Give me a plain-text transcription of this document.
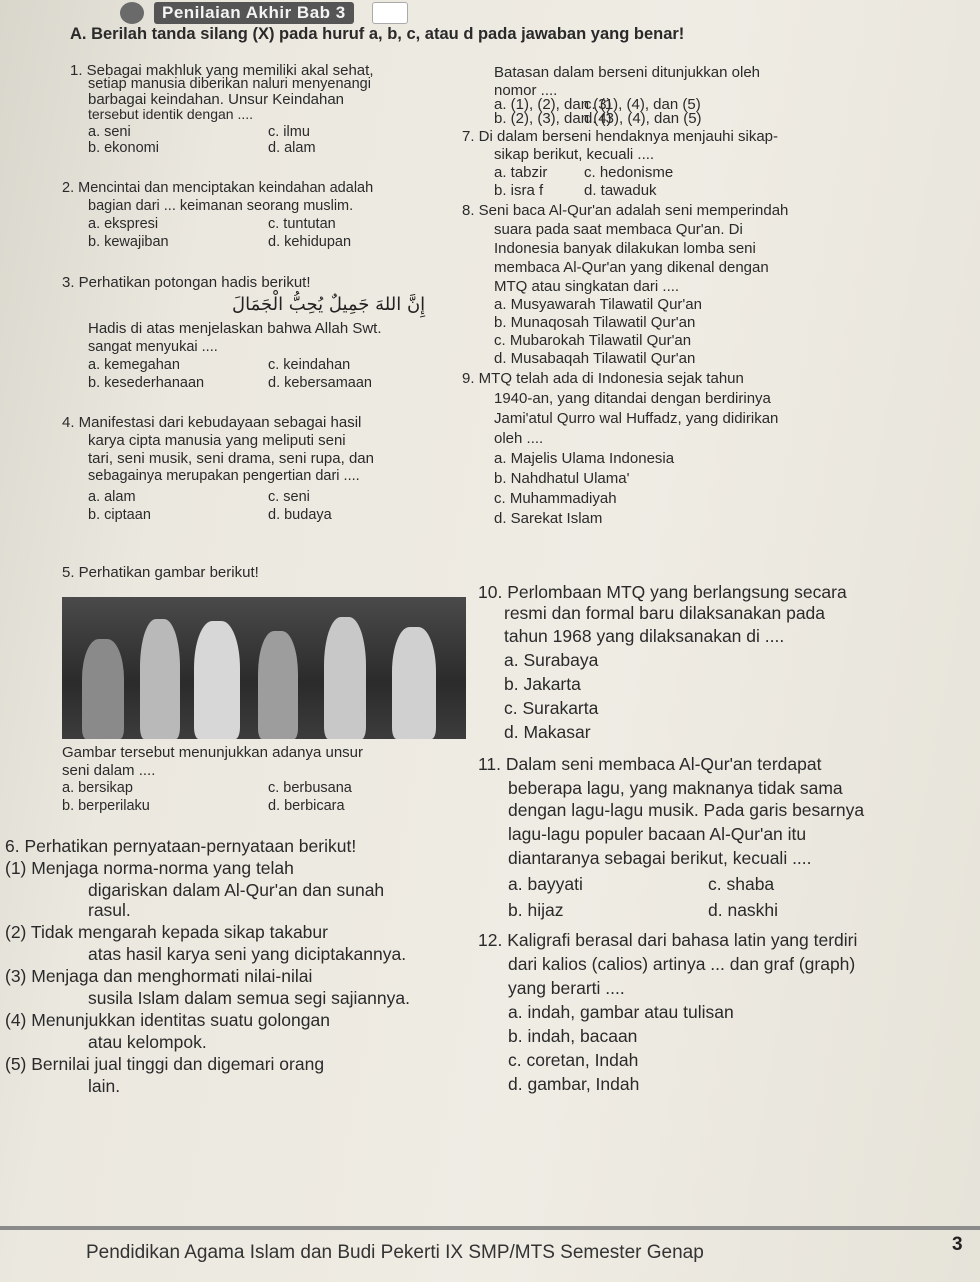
Penilaian Akhir Bab 3
A. Berilah tanda silang (X) pada huruf a, b, c, atau d pada jawaban yang benar!
1. Sebagai makhluk yang memiliki akal sehat,
setiap manusia diberikan naluri menyenangi
barbagai keindahan. Unsur Keindahan
tersebut identik dengan ....
a. seni	c. ilmu
b. ekonomi	d. alam
2. Mencintai dan menciptakan keindahan adalah
bagian dari ... keimanan seorang muslim.
a. ekspresi	c. tuntutan
b. kewajiban	d. kehidupan
3. Perhatikan potongan hadis berikut!
Hadis di atas menjelaskan bahwa Allah Swt.
sangat menyukai ....
a. kemegahan	c. keindahan
b. kesederhanaan	d. kebersamaan
4. Manifestasi dari kebudayaan sebagai hasil
karya cipta manusia yang meliputi seni
tari, seni musik, seni drama, seni rupa, dan
sebagainya merupakan pengertian dari ....
a. alam	c. seni
b. ciptaan	d. budaya
5. Perhatikan gambar berikut!
Gambar tersebut menunjukkan adanya unsur
seni dalam ....
a. bersikap	c. berbusana
b. berperilaku	d. berbicara
6. Perhatikan pernyataan-pernyataan berikut!
(1) Menjaga norma-norma yang telah
digariskan dalam Al-Qur'an dan sunah
rasul.
(2) Tidak mengarah kepada sikap takabur
atas hasil karya seni yang diciptakannya.
(3) Menjaga dan menghormati nilai-nilai
susila Islam dalam semua segi sajiannya.
(4) Menunjukkan identitas suatu golongan
atau kelompok.
(5) Bernilai jual tinggi dan digemari orang
lain.
إِنَّ اللهَ جَمِيلٌ يُحِبُّ الْجَمَالَ
Batasan dalam berseni ditunjukkan oleh
nomor ....
a. (1), (2), dan (3)
c. (1), (4), dan (5)
b. (2), (3), dan (4)
d. (3), (4), dan (5)
7. Di dalam berseni hendaknya menjauhi sikap-
sikap berikut, kecuali ....
a. tabzir c. hedonisme
b. isra f	d. tawaduk
8. Seni baca Al-Qur'an adalah seni memperindah
suara pada saat membaca Qur'an. Di
Indonesia banyak dilakukan lomba seni
membaca Al-Qur'an yang dikenal dengan
MTQ atau singkatan dari ....
a. Musyawarah Tilawatil Qur'an
b. Munaqosah Tilawatil Qur'an
c. Mubarokah Tilawatil Qur'an
d. Musabaqah Tilawatil Qur'an
9. MTQ telah ada di Indonesia sejak tahun
1940-an, yang ditandai dengan berdirinya
Jami'atul Qurro wal Huffadz, yang didirikan
oleh ....
a. Majelis Ulama Indonesia
b. Nahdhatul Ulama'
c. Muhammadiyah
d. Sarekat Islam
10. Perlombaan MTQ yang berlangsung secara
resmi dan formal baru dilaksanakan pada
tahun 1968 yang dilaksanakan di ....
a. Surabaya
b. Jakarta
c. Surakarta
d. Makasar
11. Dalam seni membaca Al-Qur'an terdapat
beberapa lagu, yang maknanya tidak sama
dengan lagu-lagu musik. Pada garis besarnya
lagu-lagu populer bacaan Al-Qur'an itu
diantaranya sebagai berikut, kecuali ....
a. bayyati	c. shaba
b. hijaz	d. naskhi
12. Kaligrafi berasal dari bahasa latin yang terdiri
dari kalios (calios) artinya ... dan graf (graph)
yang berarti ....
a. indah, gambar atau tulisan
b. indah, bacaan
c. coretan, Indah
d. gambar, Indah
Pendidikan Agama Islam dan Budi Pekerti IX SMP/MTS Semester Genap	3
